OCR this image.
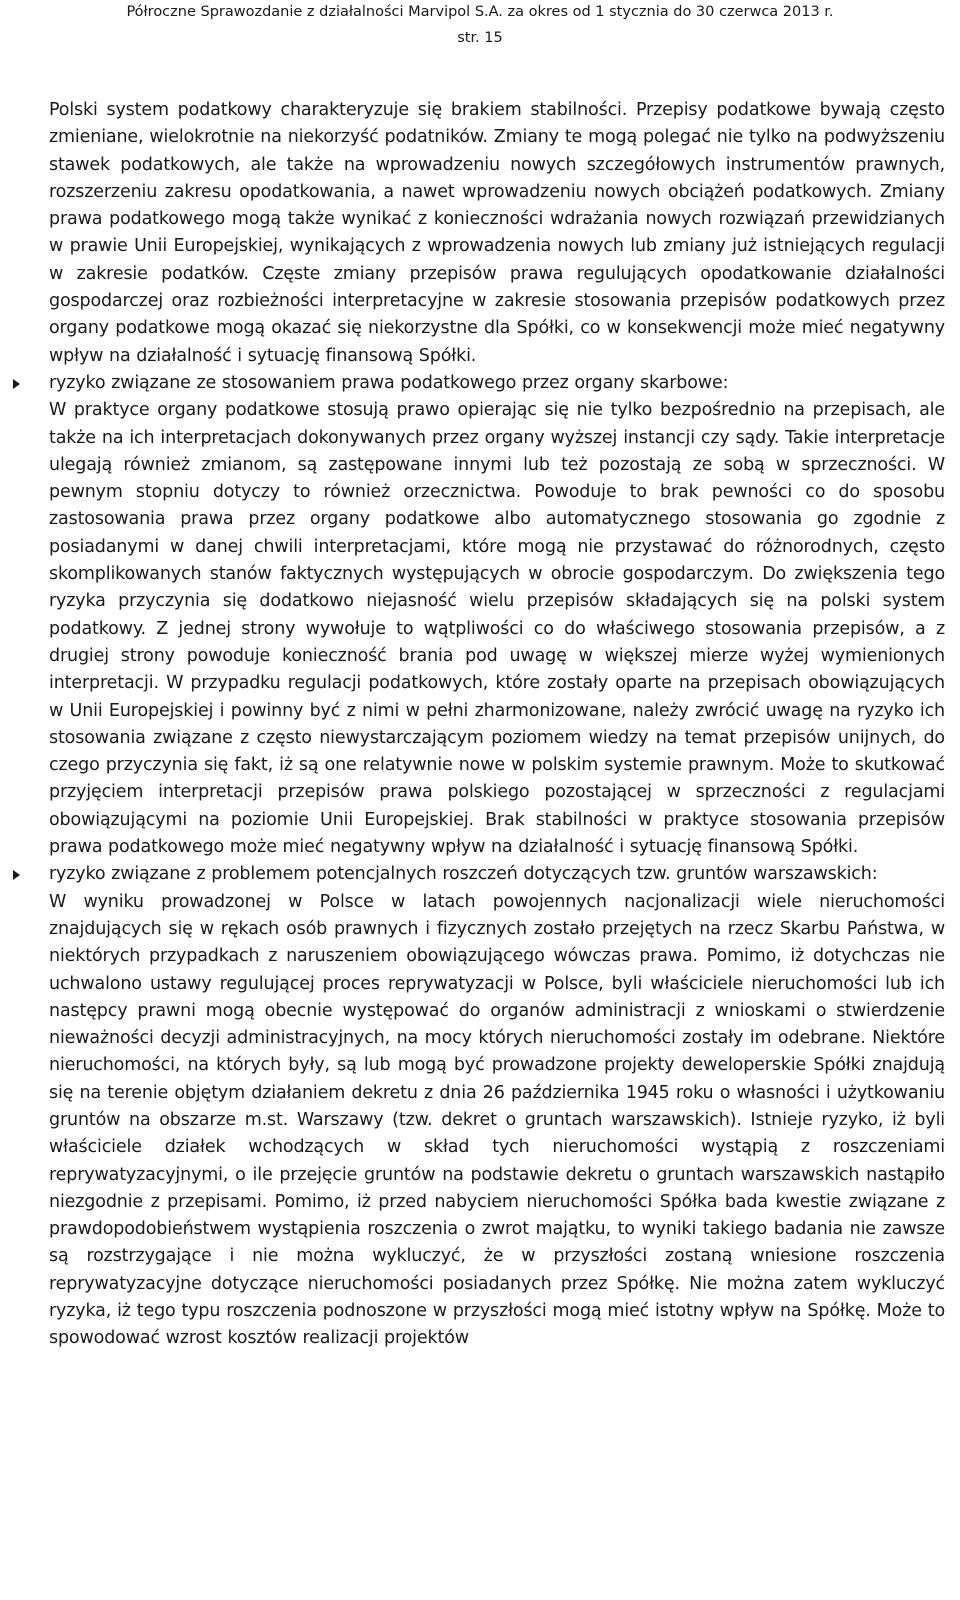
Półroczne Sprawozdanie z działalności Marvipol S.A. za okres od 1 stycznia do 30 czerwca 2013 r.
str. 15

Polski system podatkowy charakteryzuje się brakiem stabilności. Przepisy podatkowe bywają często zmieniane, wielokrotnie na niekorzyść podatników. Zmiany te mogą polegać nie tylko na podwyższeniu stawek podatkowych, ale także na wprowadzeniu nowych szczegółowych instrumentów prawnych, rozszerzeniu zakresu opodatkowania, a nawet wprowadzeniu nowych obciążeń podatkowych. Zmiany prawa podatkowego mogą także wynikać z konieczności wdrażania nowych rozwiązań przewidzianych w prawie Unii Europejskiej, wynikających z wprowadzenia nowych lub zmiany już istniejących regulacji w zakresie podatków. Częste zmiany przepisów prawa regulujących opodatkowanie działalności gospodarczej oraz rozbieżności interpretacyjne w zakresie stosowania przepisów podatkowych przez organy podatkowe mogą okazać się niekorzystne dla Spółki, co w konsekwencji może mieć negatywny wpływ na działalność i sytuację finansową Spółki.

ryzyko związane ze stosowaniem prawa podatkowego przez organy skarbowe:

W praktyce organy podatkowe stosują prawo opierając się nie tylko bezpośrednio na przepisach, ale także na ich interpretacjach dokonywanych przez organy wyższej instancji czy sądy. Takie interpretacje ulegają również zmianom, są zastępowane innymi lub też pozostają ze sobą w sprzeczności. W pewnym stopniu dotyczy to również orzecznictwa. Powoduje to brak pewności co do sposobu zastosowania prawa przez organy podatkowe albo automatycznego stosowania go zgodnie z posiadanymi w danej chwili interpretacjami, które mogą nie przystawać do różnorodnych, często skomplikowanych stanów faktycznych występujących w obrocie gospodarczym. Do zwiększenia tego ryzyka przyczynia się dodatkowo niejasność wielu przepisów składających się na polski system podatkowy. Z jednej strony wywołuje to wątpliwości co do właściwego stosowania przepisów, a z drugiej strony powoduje konieczność brania pod uwagę w większej mierze wyżej wymienionych interpretacji. W przypadku regulacji podatkowych, które zostały oparte na przepisach obowiązujących w Unii Europejskiej i powinny być z nimi w pełni zharmonizowane, należy zwrócić uwagę na ryzyko ich stosowania związane z często niewystarczającym poziomem wiedzy na temat przepisów unijnych, do czego przyczynia się fakt, iż są one relatywnie nowe w polskim systemie prawnym. Może to skutkować przyjęciem interpretacji przepisów prawa polskiego pozostającej w sprzeczności z regulacjami obowiązującymi na poziomie Unii Europejskiej. Brak stabilności w praktyce stosowania przepisów prawa podatkowego może mieć negatywny wpływ na działalność i sytuację finansową Spółki.

ryzyko związane z problemem potencjalnych roszczeń dotyczących tzw. gruntów warszawskich:

W wyniku prowadzonej w Polsce w latach powojennych nacjonalizacji wiele nieruchomości znajdujących się w rękach osób prawnych i fizycznych zostało przejętych na rzecz Skarbu Państwa, w niektórych przypadkach z naruszeniem obowiązującego wówczas prawa. Pomimo, iż dotychczas nie uchwalono ustawy regulującej proces reprywatyzacji w Polsce, byli właściciele nieruchomości lub ich następcy prawni mogą obecnie występować do organów administracji z wnioskami o stwierdzenie nieważności decyzji administracyjnych, na mocy których nieruchomości zostały im odebrane. Niektóre nieruchomości, na których były, są lub mogą być prowadzone projekty deweloperskie Spółki znajdują się na terenie objętym działaniem dekretu z dnia 26 października 1945 roku o własności i użytkowaniu gruntów na obszarze m.st. Warszawy (tzw. dekret o gruntach warszawskich). Istnieje ryzyko, iż byli właściciele działek wchodzących w skład tych nieruchomości wystąpią z roszczeniami reprywatyzacyjnymi, o ile przejęcie gruntów na podstawie dekretu o gruntach warszawskich nastąpiło niezgodnie z przepisami. Pomimo, iż przed nabyciem nieruchomości Spółka bada kwestie związane z prawdopodobieństwem wystąpienia roszczenia o zwrot majątku, to wyniki takiego badania nie zawsze są rozstrzygające i nie można wykluczyć, że w przyszłości zostaną wniesione roszczenia reprywatyzacyjne dotyczące nieruchomości posiadanych przez Spółkę. Nie można zatem wykluczyć ryzyka, iż tego typu roszczenia podnoszone w przyszłości mogą mieć istotny wpływ na Spółkę. Może to spowodować wzrost kosztów realizacji projektów
